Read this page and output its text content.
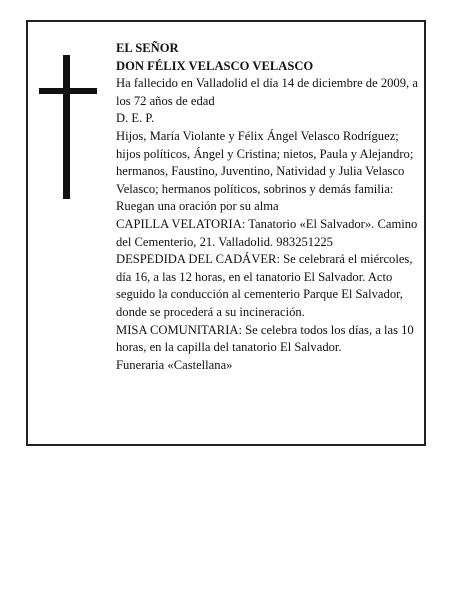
EL SEÑOR

DON FÉLIX VELASCO VELASCO

Ha fallecido en Valladolid el día 14 de diciembre de 2009, a los 72 años de edad

D. E. P.

Hijos, María Violante y Félix Ángel Velasco Rodríguez; hijos políticos, Ángel y Cristina; nietos, Paula y Alejandro; hermanos, Faustino, Juventino, Natividad y Julia Velasco Velasco; hermanos políticos, sobrinos y demás familia:

Ruegan una oración por su alma

CAPILLA VELATORIA: Tanatorio «El Salvador». Camino del Cementerio, 21. Valladolid. 983251225

DESPEDIDA DEL CADÁVER: Se celebrará el miércoles, día 16, a las 12 horas, en el tanatorio El Salvador. Acto seguido la conducción al cementerio Parque El Salvador, donde se procederá a su incineración.

MISA COMUNITARIA: Se celebra todos los días, a las 10 horas, en la capilla del tanatorio El Salvador.

Funeraria «Castellana»
